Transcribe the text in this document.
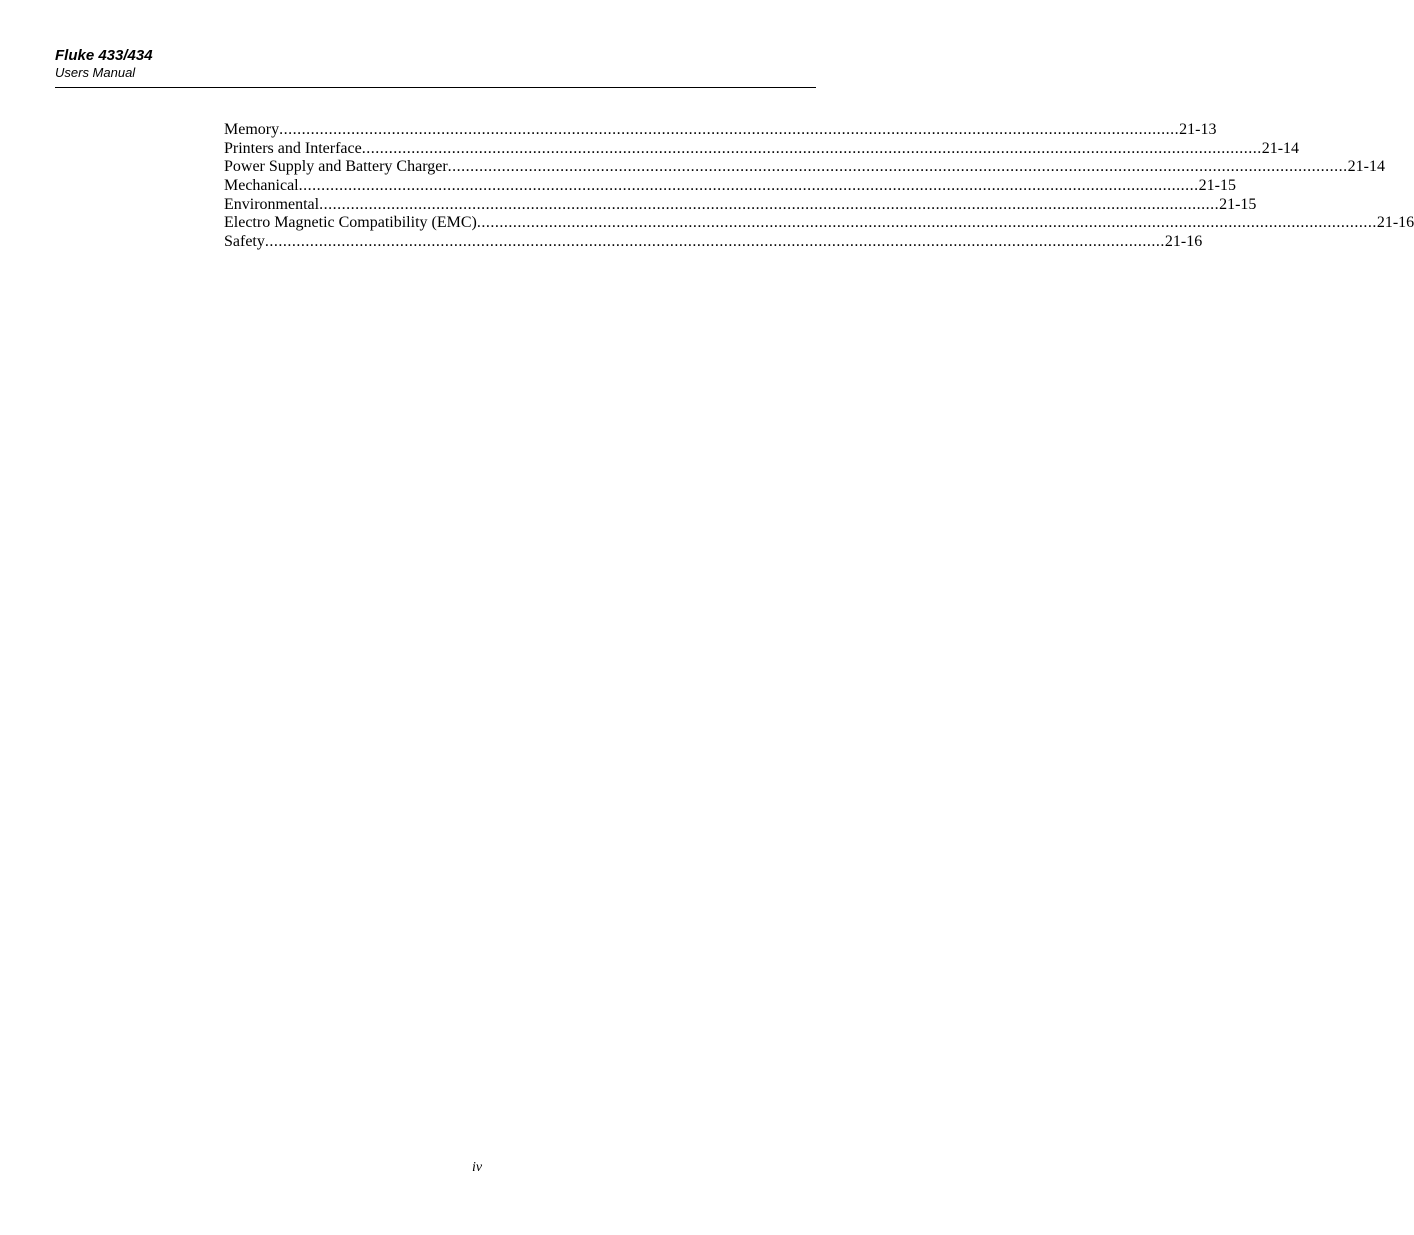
Fluke 433/434
Users Manual
Memory ........................................................................................................................................................................................................ 21-13
Printers and Interface ........................................................................................................................................................................................................ 21-14
Power Supply and Battery Charger ........................................................................................................................................................................................................ 21-14
Mechanical ........................................................................................................................................................................................................ 21-15
Environmental ........................................................................................................................................................................................................ 21-15
Electro Magnetic Compatibility (EMC) ........................................................................................................................................................................................................ 21-16
Safety ........................................................................................................................................................................................................ 21-16
iv
